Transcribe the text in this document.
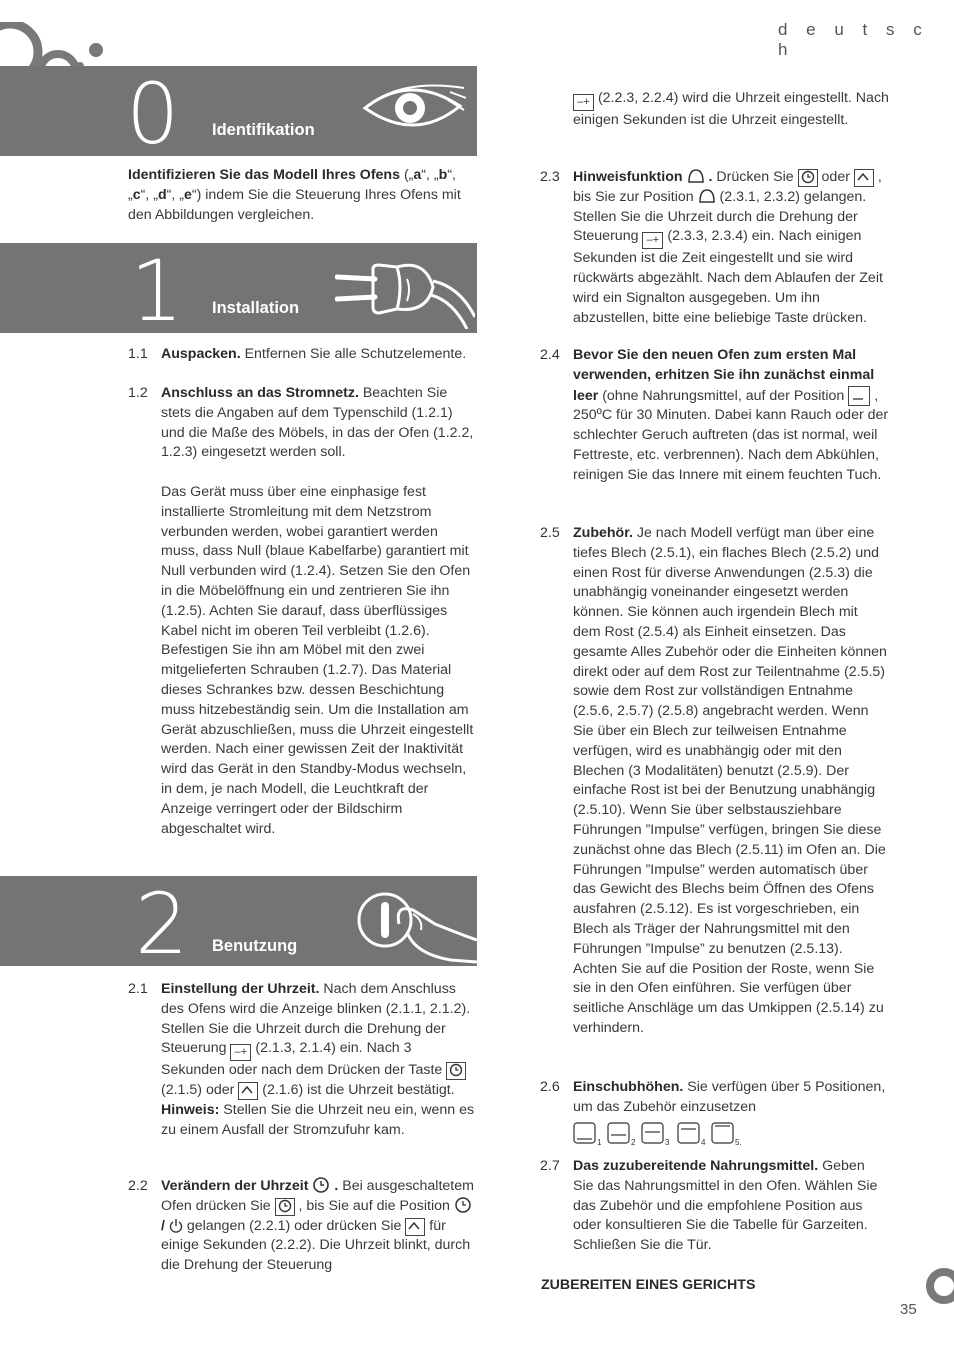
d e u t s c h
0 Identifikation
Identifizieren Sie das Modell Ihres Ofens („a“, „b“, „c“, „d“, „e“) indem Sie die Steuerung Ihres Ofens mit den Abbildungen vergleichen.
1 Installation
1.1 Auspacken. Entfernen Sie alle Schutzelemente.
1.2 Anschluss an das Stromnetz. Beachten Sie stets die Angaben auf dem Typenschild (1.2.1) und die Maße des Möbels, in das der Ofen (1.2.2, 1.2.3) eingesetzt werden soll.

Das Gerät muss über eine einphasige fest installierte Stromleitung mit dem Netzstrom verbunden werden, wobei garantiert werden muss, dass Null (blaue Kabelfarbe) garantiert mit Null verbunden wird (1.2.4). Setzen Sie den Ofen in die Möbelöffnung ein und zentrieren Sie ihn (1.2.5). Achten Sie darauf, dass überflüssiges Kabel nicht im oberen Teil verbleibt (1.2.6). Befestigen Sie ihn am Möbel mit den zwei mitgelieferten Schrauben (1.2.7). Das Material dieses Schrankes bzw. dessen Beschichtung muss hitzebeständig sein. Um die Installation am Gerät abzuschließen, muss die Uhrzeit eingestellt werden. Nach einer gewissen Zeit der Inaktivität wird das Gerät in den Standby-Modus wechseln, in dem, je nach Modell, die Leuchtkraft der Anzeige verringert oder der Bildschirm abgeschaltet wird.
2 Benutzung
2.1 Einstellung der Uhrzeit. Nach dem Anschluss des Ofens wird die Anzeige blinken (2.1.1, 2.1.2). Stellen Sie die Uhrzeit durch die Drehung der Steuerung –+ (2.1.3, 2.1.4) ein. Nach 3 Sekunden oder nach dem Drücken der Taste  (2.1.5) oder  (2.1.6) ist die Uhrzeit bestätigt.
Hinweis: Stellen Sie die Uhrzeit neu ein, wenn es zu einem Ausfall der Stromzufuhr kam.
2.2 Verändern der Uhrzeit . Bei ausgeschaltetem Ofen drücken Sie  , bis Sie auf die Position  /  gelangen (2.2.1) oder drücken Sie  für einige Sekunden (2.2.2). Die Uhrzeit blinkt, durch die Drehung der Steuerung
–+ (2.2.3, 2.2.4) wird die Uhrzeit eingestellt. Nach einigen Sekunden ist die Uhrzeit eingestellt.
2.3 Hinweisfunktion . Drücken Sie  oder  , bis Sie zur Position  (2.3.1, 2.3.2) gelangen. Stellen Sie die Uhrzeit durch die Drehung der Steuerung –+ (2.3.3, 2.3.4) ein. Nach einigen Sekunden ist die Zeit eingestellt und sie wird rückwärts abgezählt. Nach dem Ablaufen der Zeit wird ein Signalton ausgegeben. Um ihn abzustellen, bitte eine beliebige Taste drücken.
2.4 Bevor Sie den neuen Ofen zum ersten Mal verwenden, erhitzen Sie ihn zunächst einmal leer (ohne Nahrungsmittel, auf der Position  , 250ºC für 30 Minuten. Dabei kann Rauch oder der schlechter Geruch auftreten (das ist normal, weil Fettreste, etc. verbrennen). Nach dem Abkühlen, reinigen Sie das Innere mit einem feuchten Tuch.
2.5 Zubehör. Je nach Modell verfügt man über eine tiefes Blech (2.5.1), ein flaches Blech (2.5.2) und einen Rost für diverse Anwendungen (2.5.3) die unabhängig voneinander eingesetzt werden können. Sie können auch irgendein Blech mit dem Rost (2.5.4) als Einheit einsetzen. Das gesamte Alles Zubehör oder die Einheiten können direkt oder auf dem Rost zur Teilentnahme (2.5.5) sowie dem Rost zur vollständigen Entnahme (2.5.6, 2.5.7) (2.5.8) angebracht werden. Wenn Sie über ein Blech zur teilweisen Entnahme verfügen, wird es unabhängig oder mit den Blechen (3 Modalitäten) benutzt (2.5.9). Der einfache Rost ist bei der Benutzung unabhängig (2.5.10). Wenn Sie über selbstausziehbare Führungen ”Impulse” verfügen, bringen Sie diese zunächst ohne das Blech (2.5.11) im Ofen an. Die Führungen ”Impulse” werden automatisch über das Gewicht des Blechs beim Öffnen des Ofens ausfahren (2.5.12). Es ist vorgeschrieben, ein Blech als Träger der Nahrungsmittel mit den Führungen ”Impulse” zu benutzen (2.5.13). Achten Sie auf die Position der Roste, wenn Sie sie in den Ofen einführen. Sie verfügen über seitliche Anschläge um das Umkippen (2.5.14) zu verhindern.
2.6 Einschubhöhen. Sie verfügen über 5 Positionen, um das Zubehör einzusetzen
1	2	3	4	5.
2.7 Das zuzubereitende Nahrungsmittel. Geben Sie das Nahrungsmittel in den Ofen. Wählen Sie das Zubehör und die empfohlene Position aus oder konsultieren Sie die Tabelle für Garzeiten. Schließen Sie die Tür.
ZUBEREITEN EINES GERICHTS
35
